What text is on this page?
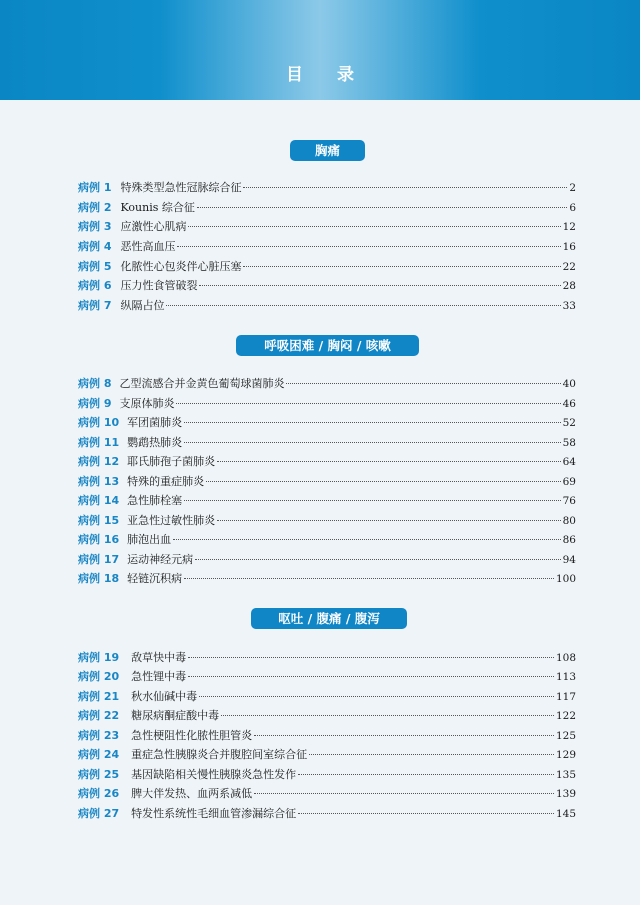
目 录
胸痛
病例 1 特殊类型急性冠脉综合征	2
病例 2 Kounis 综合征	6
病例 3 应激性心肌病	12
病例 4 恶性高血压	16
病例 5 化脓性心包炎伴心脏压塞	22
病例 6 压力性食管破裂	28
病例 7 纵隔占位	33
呼吸困难 / 胸闷 / 咳嗽
病例 8 乙型流感合并金黄色葡萄球菌肺炎	40
病例 9 支原体肺炎	46
病例 10 军团菌肺炎	52
病例 11 鹦鹉热肺炎	58
病例 12 耶氏肺孢子菌肺炎	64
病例 13 特殊的重症肺炎	69
病例 14 急性肺栓塞	76
病例 15 亚急性过敏性肺炎	80
病例 16 肺泡出血	86
病例 17 运动神经元病	94
病例 18 轻链沉积病	100
呕吐 / 腹痛 / 腹泻
病例 19 敌草快中毒	108
病例 20 急性锂中毒	113
病例 21 秋水仙碱中毒	117
病例 22 糖尿病酮症酸中毒	122
病例 23 急性梗阻性化脓性胆管炎	125
病例 24 重症急性胰腺炎合并腹腔间室综合征	129
病例 25 基因缺陷相关慢性胰腺炎急性发作	135
病例 26 脾大伴发热、血两系减低	139
病例 27 特发性系统性毛细血管渗漏综合征	145
